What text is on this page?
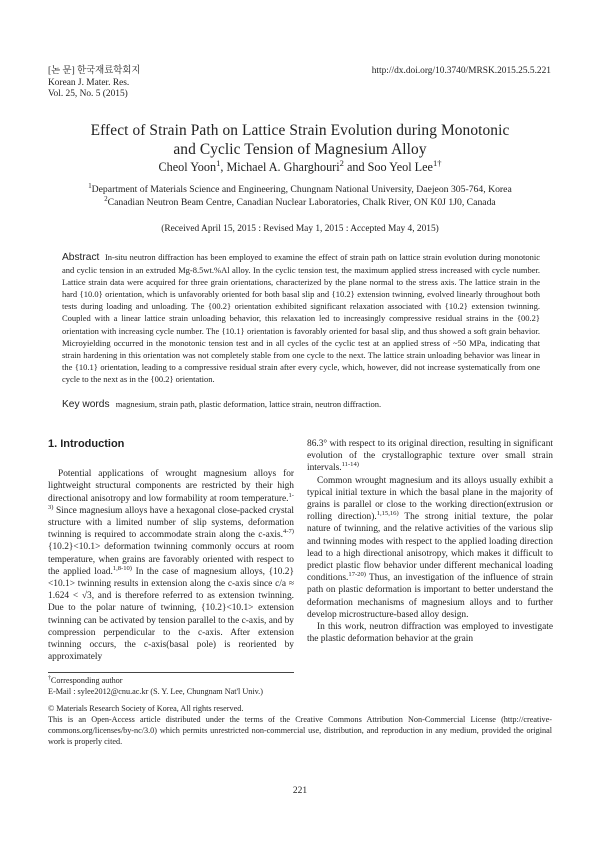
[논 문] 한국재료학회지
Korean J. Mater. Res.
Vol. 25, No. 5 (2015)
http://dx.doi.org/10.3740/MRSK.2015.25.5.221
Effect of Strain Path on Lattice Strain Evolution during Monotonic
and Cyclic Tension of Magnesium Alloy
Cheol Yoon$^1$, Michael A. Gharghouri$^2$ and Soo Yeol Lee$^{1\dagger}$
$^1$Department of Materials Science and Engineering, Chungnam National University, Daejeon 305-764, Korea
$^2$Canadian Neutron Beam Centre, Canadian Nuclear Laboratories, Chalk River, ON K0J 1J0, Canada
(Received April 15, 2015 : Revised May 1, 2015 : Accepted May 4, 2015)
Abstract In-situ neutron diffraction has been employed to examine the effect of strain path on lattice strain evolution during monotonic and cyclic tension in an extruded Mg-8.5wt.%Al alloy. In the cyclic tension test, the maximum applied stress increased with cycle number. Lattice strain data were acquired for three grain orientations, characterized by the plane normal to the stress axis. The lattice strain in the hard {10.0} orientation, which is unfavorably oriented for both basal slip and {10.2} extension twinning, evolved linearly throughout both tests during loading and unloading. The {00.2} orientation exhibited significant relaxation associated with {10.2} extension twinning. Coupled with a linear lattice strain unloading behavior, this relaxation led to increasingly compressive residual strains in the {00.2} orientation with increasing cycle number. The {10.1} orientation is favorably oriented for basal slip, and thus showed a soft grain behavior. Microyielding occurred in the monotonic tension test and in all cycles of the cyclic test at an applied stress of ~50 MPa, indicating that strain hardening in this orientation was not completely stable from one cycle to the next. The lattice strain unloading behavior was linear in the {10.1} orientation, leading to a compressive residual strain after every cycle, which, however, did not increase systematically from one cycle to the next as in the {00.2} orientation.
Key words magnesium, strain path, plastic deformation, lattice strain, neutron diffraction.
1. Introduction

Potential applications of wrought magnesium alloys for lightweight structural components are restricted by their high directional anisotropy and low formability at room temperature.$^{1-3)}$ Since magnesium alloys have a hexagonal close-packed crystal structure with a limited number of slip systems, deformation twinning is required to accommodate strain along the c-axis.$^{4-7)}$ {10.2}<10.1> deformation twinning commonly occurs at room temperature, when grains are favorably oriented with respect to the applied load.$^{1,8-10)}$ In the case of magnesium alloys, {10.2}<10.1> twinning results in extension along the c-axis since c/a ≈ 1.624 < √3, and is therefore referred to as extension twinning. Due to the polar nature of twinning, {10.2}<10.1> extension twinning can be activated by tension parallel to the c-axis, and by compression perpendicular to the c-axis. After extension twinning occurs, the c-axis(basal pole) is reoriented by approximately

86.3° with respect to its original direction, resulting in significant evolution of the crystallographic texture over small strain intervals.$^{11-14)}$

Common wrought magnesium and its alloys usually exhibit a typical initial texture in which the basal plane in the majority of grains is parallel or close to the working direction(extrusion or rolling direction).$^{1,15,16)}$ The strong initial texture, the polar nature of twinning, and the relative activities of the various slip and twinning modes with respect to the applied loading direction lead to a high directional anisotropy, which makes it difficult to predict plastic flow behavior under different mechanical loading conditions.$^{17-20)}$ Thus, an investigation of the influence of strain path on plastic deformation is important to better understand the deformation mechanisms of magnesium alloys and to further develop microstructure-based alloy design.

In this work, neutron diffraction was employed to investigate the plastic deformation behavior at the grain

†Corresponding author

E-Mail : sylee2012@cnu.ac.kr (S. Y. Lee, Chungnam Nat'l Univ.)

© Materials Research Society of Korea, All rights reserved.

This is an Open-Access article distributed under the terms of the Creative Commons Attribution Non-Commercial License (http://creative-commons.org/licenses/by-nc/3.0) which permits unrestricted non-commercial use, distribution, and reproduction in any medium, provided the original work is properly cited.

221
